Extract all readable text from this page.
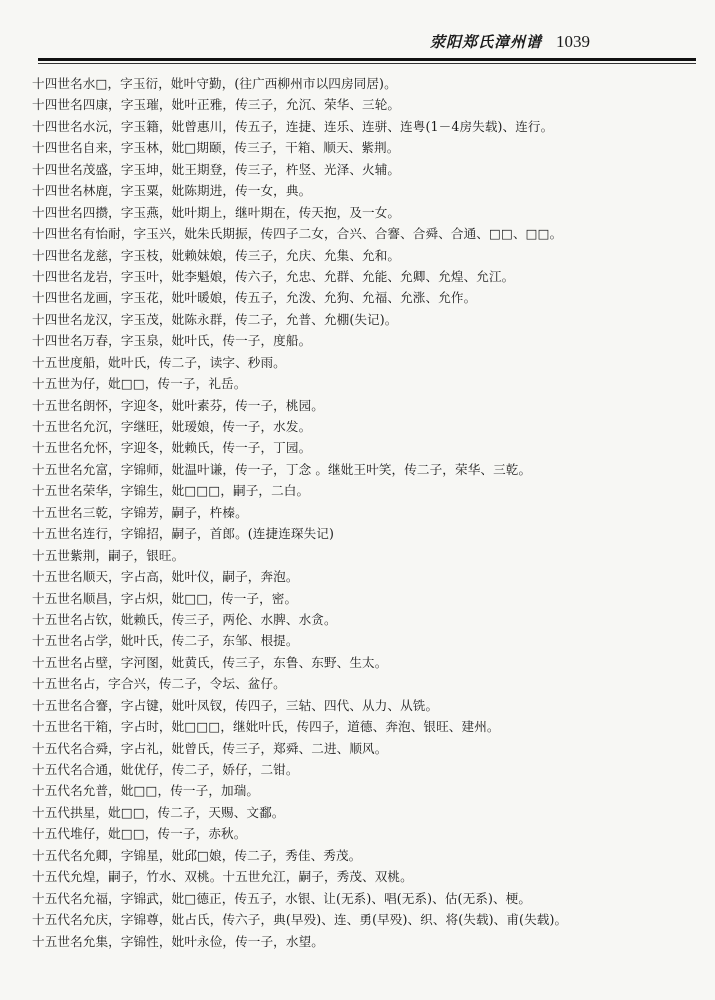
荥阳郑氏漳州谱 1039
十四世名水□，字玉衍，妣叶守勤，(往广西柳州市以四房同居)。
十四世名四康，字玉璀，妣叶正雅，传三子，允沉、荣华、三轮。
十四世名水沅，字玉籍，妣曾惠川，传五子，连捷、连乐、连骈、连粤(1－4房失载)、连行。
十四世名自来，字玉林，妣□期颐，传三子，干箱、顺天、紫荆。
十四世名茂盛，字玉坤，妣王期登，传三子，杵竖、光泽、火辅。
十四世名林鹿，字玉粟，妣陈期进，传一女，典。
十四世名四攒，字玉燕，妣叶期上，继叶期在，传天抱，及一女。
十四世名有怡耐，字玉兴，妣朱氏期振，传四子二女，合兴、合謇、合舜、合通、□□、□□。
十四世名龙慈，字玉枝，妣赖妹娘，传三子，允庆、允集、允和。
十四世名龙岩，字玉叶，妣李魁娘，传六子，允忠、允群、允能、允卿、允煌、允江。
十四世名龙画，字玉花，妣叶暖娘，传五子，允泼、允狗、允福、允涨、允作。
十四世名龙汉，字玉茂，妣陈永群，传二子，允普、允棚(失记)。
十四世名万春，字玉泉，妣叶氏，传一子，度船。
十五世度船，妣叶氏，传二子，读字、秒雨。
十五世为仔，妣□□，传一子，礼岳。
十五世名朗怀，字迎冬，妣叶素芬，传一子，桃园。
十五世名允沉，字继旺，妣瑷娘，传一子，水发。
十五世名允怀，字迎冬，妣赖氏，传一子，丁园。
十五世名允富，字锦师，妣温叶谦，传一子，丁念 。继妣王叶笑，传二子，荣华、三乾。
十五世名荣华，字锦生，妣□□□，嗣子，二白。
十五世名三乾，字锦芳，嗣子，杵榛。
十五世名连行，字锦招，嗣子，首郎。(连捷连琛失记)
十五世紫荆，嗣子，银旺。
十五世名顺天，字占高，妣叶仪，嗣子，奔泡。
十五世名顺昌，字占炽，妣□□，传一子，密。
十五世名占钦，妣赖氏，传三子，两伦、水脾、水贪。
十五世名占学，妣叶氏，传二子，东邹、根提。
十五世名占壁，字河图，妣黄氏，传三子，东鲁、东野、生太。
十五世名占，字合兴，传二子，令坛、盆仔。
十五世名合謇，字占键，妣叶凤钗，传四子，三轱、四代、从力、从铣。
十五世名干箱，字占时，妣□□□，继妣叶氏，传四子，道德、奔泡、银旺、建州。
十五代名合舜，字占礼，妣曾氏，传三子，郑舜、二进、顺风。
十五代名合通，妣优仔，传二子，娇仔，二钳。
十五代名允普，妣□□，传一子，加瑞。
十五代拱星，妣□□，传二子，天赐、文鄱。
十五代堆仔，妣□□，传一子，赤秋。
十五代名允卿，字锦星，妣邱□娘，传二子，秀佳、秀茂。
十五代允煌，嗣子，竹水、双桃。十五世允江，嗣子，秀茂、双桃。
十五代名允福，字锦武，妣□德正，传五子，水银、让(无系)、唱(无系)、估(无系)、梗。
十五代名允庆，字锦尊，妣占氏，传六子，典(早殁)、连、勇(早殁)、织、将(失载)、甫(失载)。
十五世名允集，字锦性，妣叶永俭，传一子，水望。
